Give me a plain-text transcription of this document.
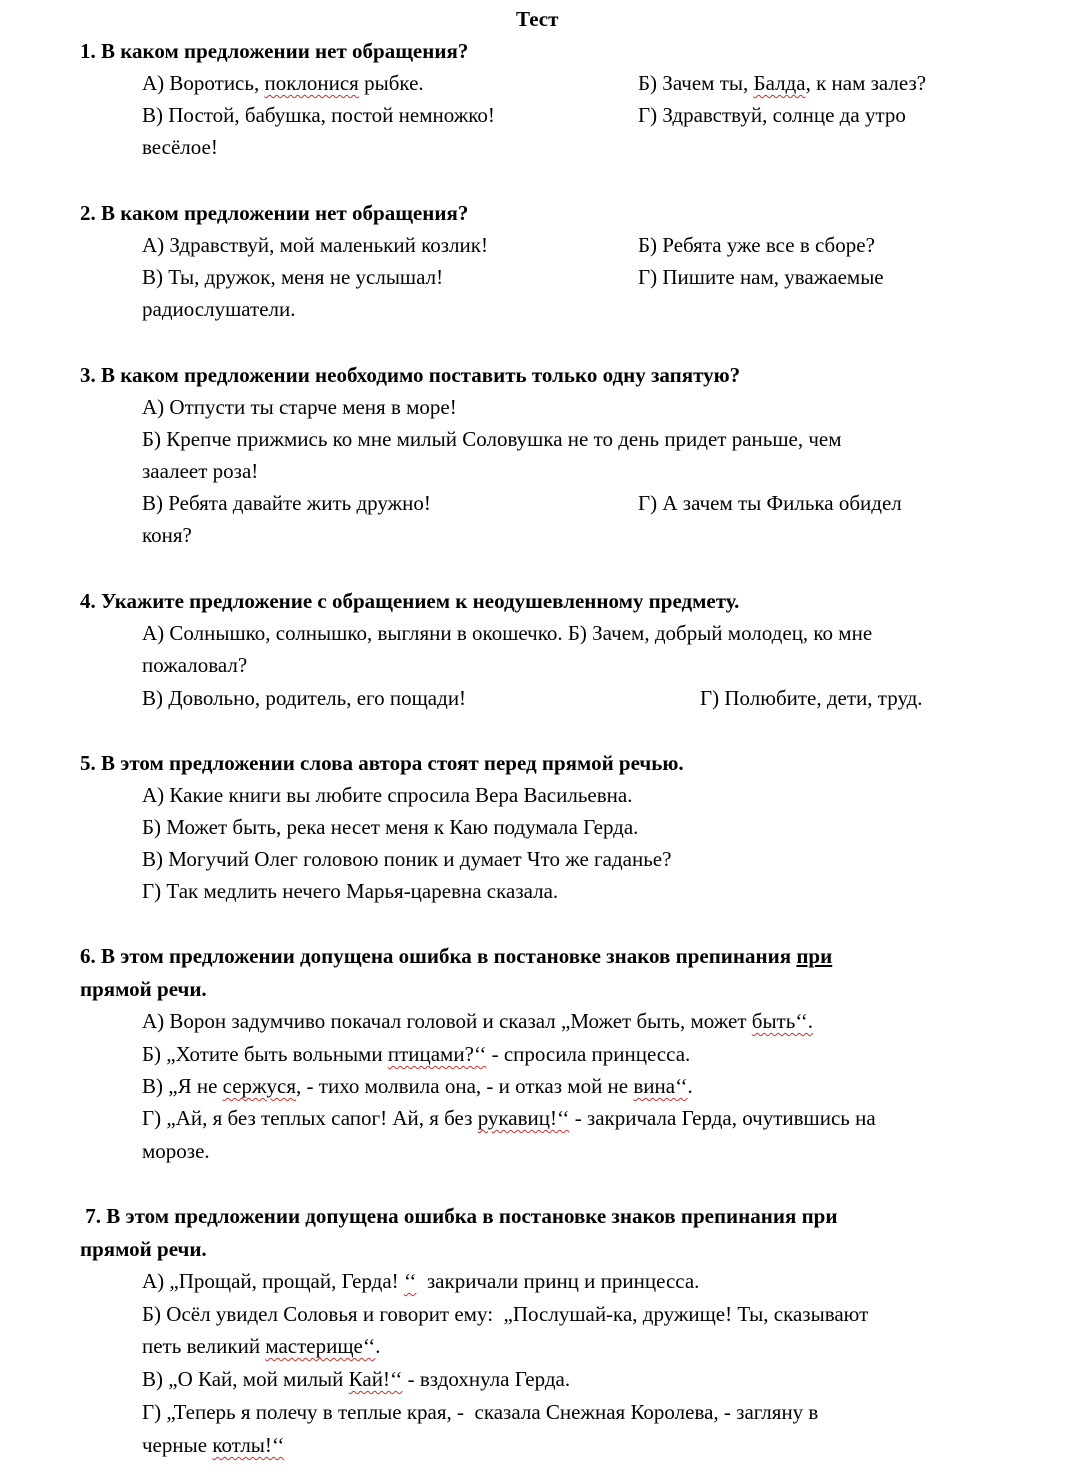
Тест
1. В каком предложении нет обращения?
А) Воротись, поклонися рыбке.	Б) Зачем ты, Балда, к нам залез?
В) Постой, бабушка, постой немножко!	Г) Здравствуй, солнце да утро
весёлое!
2. В каком предложении нет обращения?
А) Здравствуй, мой маленький козлик!	Б) Ребята уже все в сборе?
В) Ты, дружок, меня не услышал!	Г) Пишите нам, уважаемые
радиослушатели.
3. В каком предложении необходимо поставить только одну запятую?
А) Отпусти ты старче меня в море!
Б) Крепче прижмись ко мне милый Соловушка не то день придет раньше, чем
заалеет роза!
В) Ребята давайте жить дружно!	Г) А зачем ты Филька обидел
коня?
4. Укажите предложение с обращением к неодушевленному предмету.
А) Солнышко, солнышко, выгляни в окошечко. Б) Зачем, добрый молодец, ко мне
пожаловал?
В) Довольно, родитель, его пощади!	Г) Полюбите, дети, труд.
5. В этом предложении слова автора стоят перед прямой речью.
А) Какие книги вы любите спросила Вера Васильевна.
Б) Может быть, река несет меня к Каю подумала Герда.
В) Могучий Олег головою поник и думает Что же гаданье?
Г) Так медлить нечего Марья-царевна сказала.
6. В этом предложении допущена ошибка в постановке знаков препинания при
прямой речи.
А) Ворон задумчиво покачал головой и сказал „Может быть, может быть‘‘.
Б) „Хотите быть вольными птицами?‘‘ - спросила принцесса.
В) „Я не сержуся, - тихо молвила она, - и отказ мой не вина‘‘.
Г) „Ай, я без теплых сапог! Ай, я без рукавиц!‘‘ - закричала Герда, очутившись на
морозе.
7. В этом предложении допущена ошибка в постановке знаков препинания при
прямой речи.
А) „Прощай, прощай, Герда! ‘‘  закричали принц и принцесса.
Б) Осёл увидел Соловья и говорит ему:  „Послушай-ка, дружище! Ты, сказывают
петь великий мастерище‘‘.
В) „О Кай, мой милый Кай!‘‘ - вздохнула Герда.
Г) „Теперь я полечу в теплые края, -  сказала Снежная Королева, - загляну в
черные котлы!‘‘
